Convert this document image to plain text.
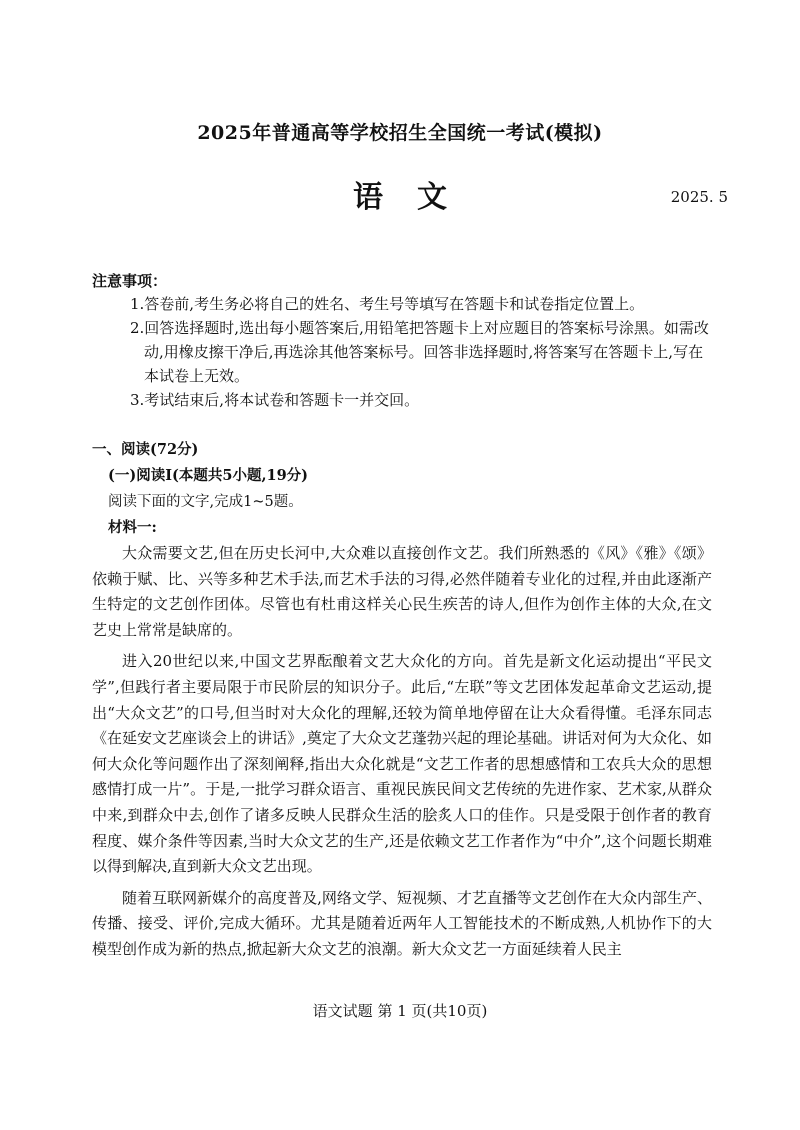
2025年普通高等学校招生全国统一考试(模拟)
语文	2025. 5
注意事项：
1.答卷前,考生务必将自己的姓名、考生号等填写在答题卡和试卷指定位置上。
2.回答选择题时,选出每小题答案后,用铅笔把答题卡上对应题目的答案标号涂黑。如需改动,用橡皮擦干净后,再选涂其他答案标号。回答非选择题时,将答案写在答题卡上,写在本试卷上无效。
3.考试结束后,将本试卷和答题卡一并交回。
一、阅读(72分)
(一)阅读Ⅰ(本题共5小题,19分)
阅读下面的文字,完成1~5题。
材料一:

大众需要文艺,但在历史长河中,大众难以直接创作文艺。我们所熟悉的《风》《雅》《颂》依赖于赋、比、兴等多种艺术手法,而艺术手法的习得,必然伴随着专业化的过程,并由此逐渐产生特定的文艺创作团体。尽管也有杜甫这样关心民生疾苦的诗人,但作为创作主体的大众,在文艺史上常常是缺席的。

进入20世纪以来,中国文艺界酝酿着文艺大众化的方向。首先是新文化运动提出“平民文学”,但践行者主要局限于市民阶层的知识分子。此后,“左联”等文艺团体发起革命文艺运动,提出“大众文艺”的口号,但当时对大众化的理解,还较为简单地停留在让大众看得懂。毛泽东同志《在延安文艺座谈会上的讲话》,奠定了大众文艺蓬勃兴起的理论基础。讲话对何为大众化、如何大众化等问题作出了深刻阐释,指出大众化就是“文艺工作者的思想感情和工农兵大众的思想感情打成一片”。于是,一批学习群众语言、重视民族民间文艺传统的先进作家、艺术家,从群众中来,到群众中去,创作了诸多反映人民群众生活的脍炙人口的佳作。只是受限于创作者的教育程度、媒介条件等因素,当时大众文艺的生产,还是依赖文艺工作者作为“中介”,这个问题长期难以得到解决,直到新大众文艺出现。

随着互联网新媒介的高度普及,网络文学、短视频、才艺直播等文艺创作在大众内部生产、传播、接受、评价,完成大循环。尤其是随着近两年人工智能技术的不断成熟,人机协作下的大模型创作成为新的热点,掀起新大众文艺的浪潮。新大众文艺一方面延续着人民主

语文试题 第 1 页(共10页)
